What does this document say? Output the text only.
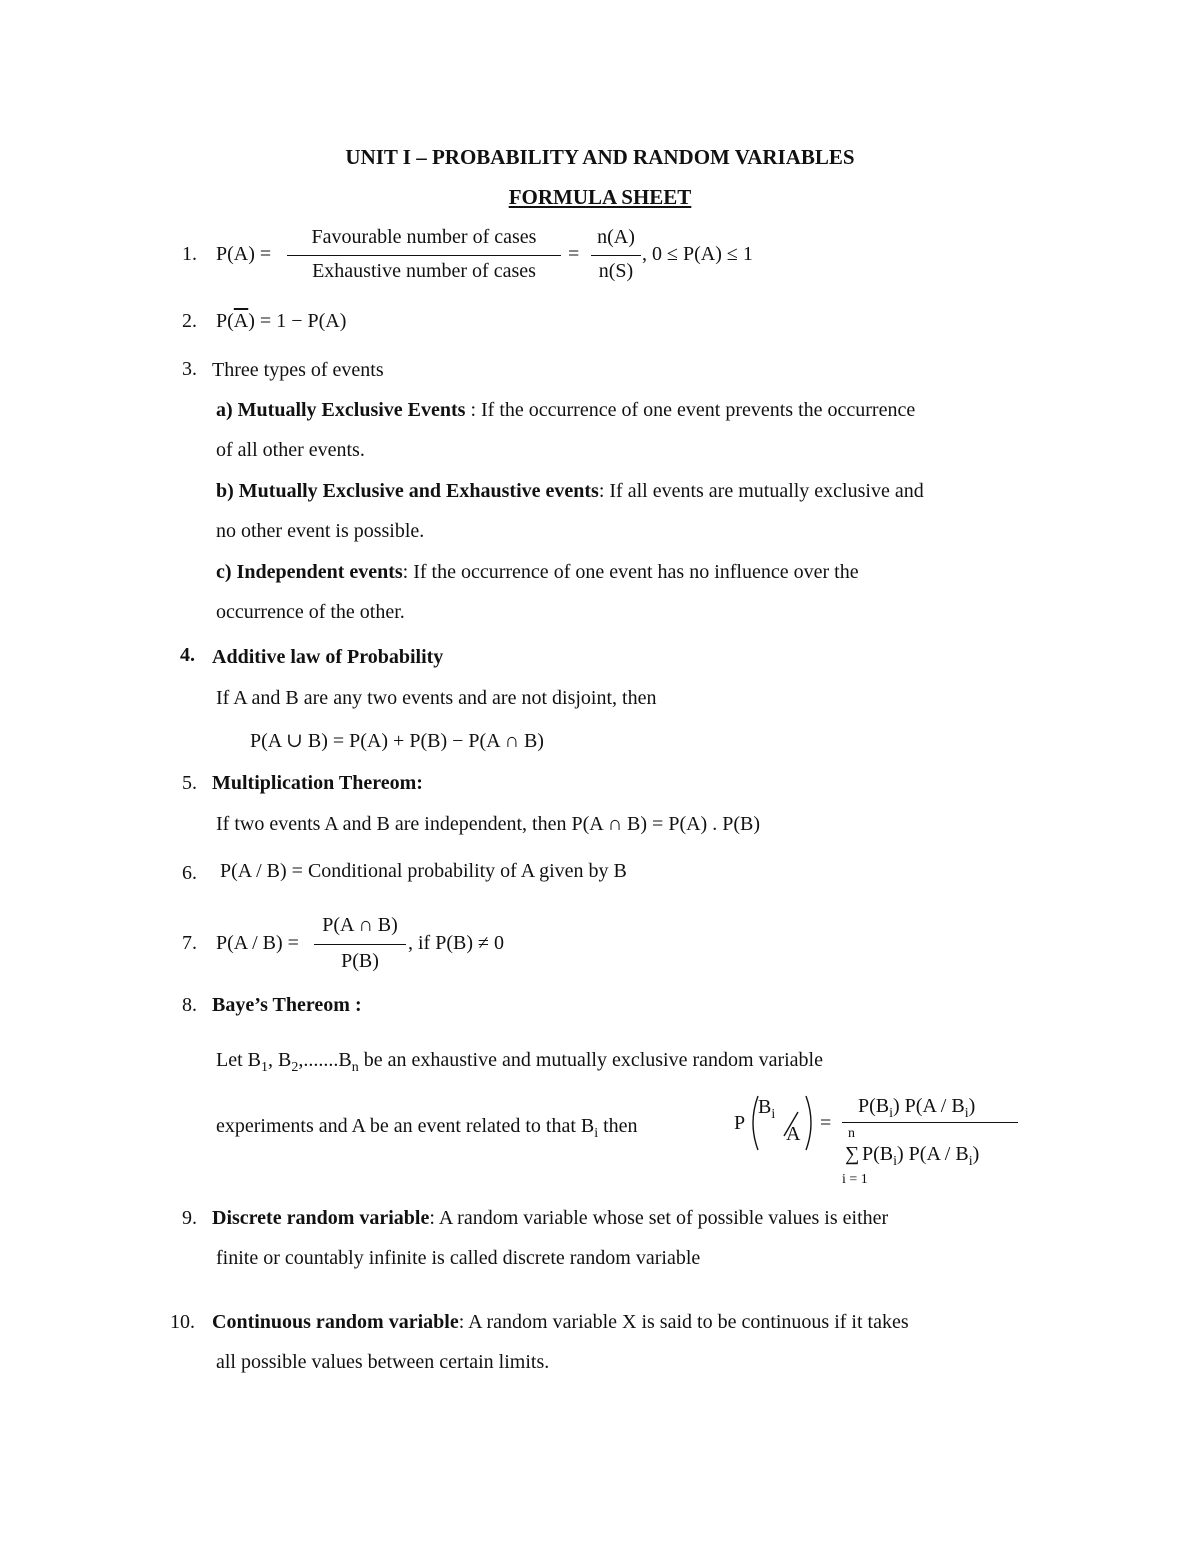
UNIT I – PROBABILITY AND RANDOM VARIABLES
FORMULA SHEET
1. P(A) =
Favourable number of cases
Exhaustive number of cases
=
n(A)
n(S)
, 0 ≤ P(A) ≤ 1
2. $P(\overline{A}) = 1 - P(A)$
3. Three types of events
a) Mutually Exclusive Events : If the occurrence of one event prevents the occurrence
of all other events.
b) Mutually Exclusive and Exhaustive events: If all events are mutually exclusive and
no other event is possible.
c) Independent events: If the occurrence of one event has no influence over the
occurrence of the other.
4. Additive law of Probability
If A and B are any two events and are not disjoint, then
P(A ∪ B) = P(A) + P(B) − P(A ∩ B)
5. Multiplication Thereom:
If two events A and B are independent, then P(A ∩ B) = P(A) . P(B)
6. P(A / B) = Conditional probability of A given by B
7. P(A / B) =
P(A ∩ B)
P(B)
, if P(B) ≠ 0
8. Baye’s Thereom :
Let $B_1$, $B_2,.......B_n$ be an exhaustive and mutually exclusive random variable
experiments and A be an event related to that $B_i$ then	P
$B_i$
A =
$P(B_i)$ $P(A / B_i)$
n
∑ $P(B_i)$ $P(A / B_i)$
i = 1
9. Discrete random variable: A random variable whose set of possible values is either
finite or countably infinite is called discrete random variable
10. Continuous random variable: A random variable X is said to be continuous if it takes
all possible values between certain limits.
